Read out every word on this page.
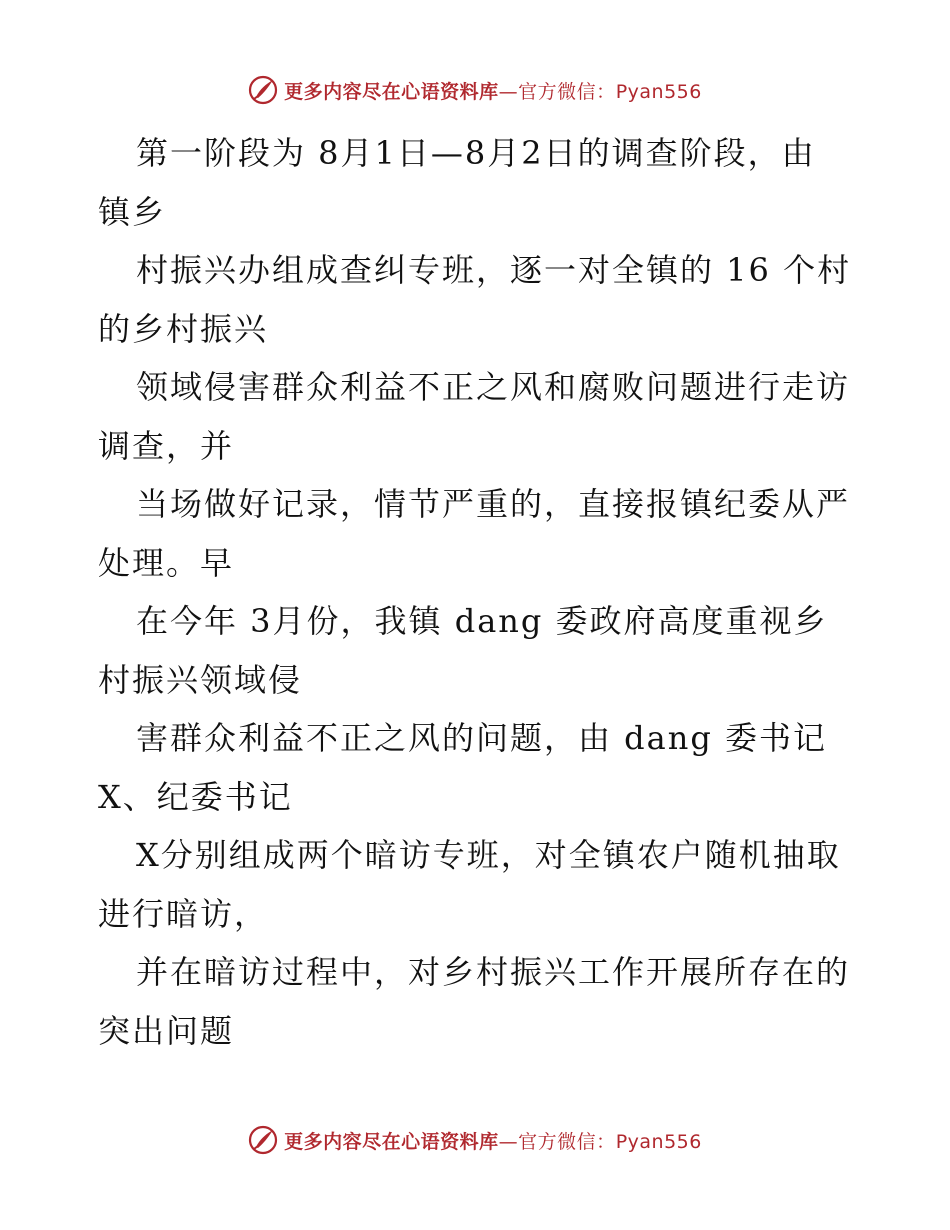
更多内容尽在心语资料库—官方微信：Pyan556

第一阶段为 8月1日—8月2日的调查阶段，由
镇乡

村振兴办组成查纠专班，逐一对全镇的 16 个村
的乡村振兴

领域侵害群众利益不正之风和腐败问题进行走访
调查，并

当场做好记录，情节严重的，直接报镇纪委从严
处理。早

在今年 3月份，我镇 dang 委政府高度重视乡
村振兴领域侵

害群众利益不正之风的问题，由 dang 委书记
X、纪委书记

X分别组成两个暗访专班，对全镇农户随机抽取
进行暗访，

并在暗访过程中，对乡村振兴工作开展所存在的
突出问题

更多内容尽在心语资料库—官方微信：Pyan556
